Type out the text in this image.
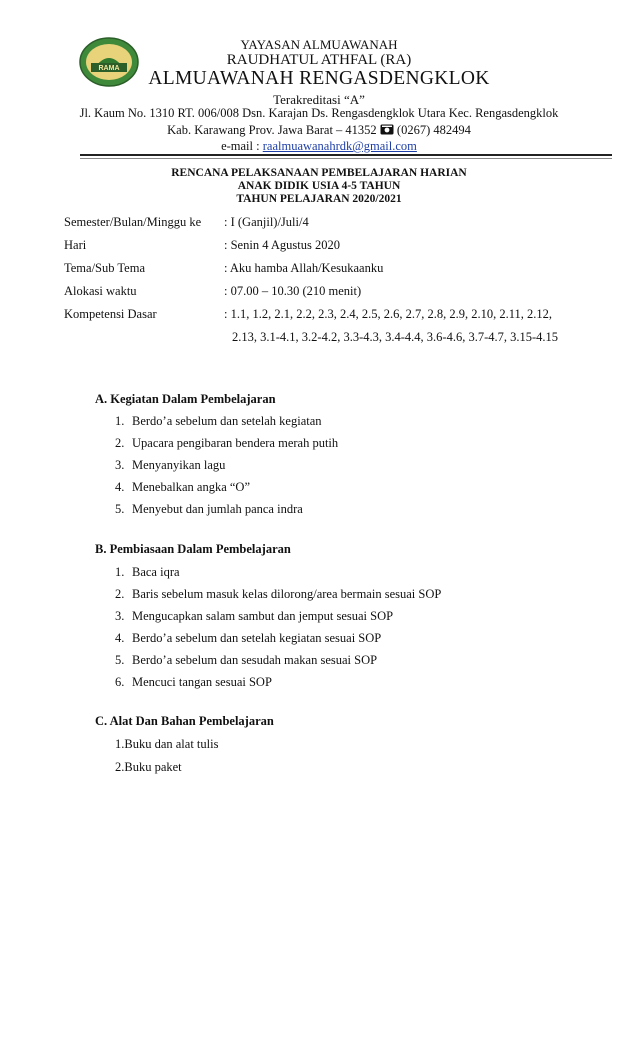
RAMA
YAYASAN ALMUAWANAH
RAUDHATUL ATHFAL (RA)
ALMUAWANAH RENGASDENGKLOK
Terakreditasi “A”
Jl. Kaum No. 1310 RT. 006/008 Dsn. Karajan Ds. Rengasdengklok Utara Kec. Rengasdengklok
Kab. Karawang Prov. Jawa Barat – 41352 (0267) 482494
e-mail : raalmuawanahrdk@gmail.com
RENCANA PELAKSANAAN PEMBELAJARAN HARIAN
ANAK DIDIK USIA 4-5 TAHUN
TAHUN PELAJARAN 2020/2021
Semester/Bulan/Minggu ke : I (Ganjil)/Juli/4
Hari	: Senin 4 Agustus 2020
Tema/Sub Tema	: Aku hamba Allah/Kesukaanku
Alokasi waktu	: 07.00 – 10.30 (210 menit)
Kompetensi Dasar	: 1.1, 1.2, 2.1, 2.2, 2.3, 2.4, 2.5, 2.6, 2.7, 2.8, 2.9, 2.10, 2.11, 2.12,
2.13, 3.1-4.1, 3.2-4.2, 3.3-4.3, 3.4-4.4, 3.6-4.6, 3.7-4.7, 3.15-4.15
A. Kegiatan Dalam Pembelajaran
1. Berdo’a sebelum dan setelah kegiatan
2. Upacara pengibaran bendera merah putih
3. Menyanyikan lagu
4. Menebalkan angka “O”
5. Menyebut dan jumlah panca indra
B. Pembiasaan Dalam Pembelajaran
1. Baca iqra
2. Baris sebelum masuk kelas dilorong/area bermain sesuai SOP
3. Mengucapkan salam sambut dan jemput sesuai SOP
4. Berdo’a sebelum dan setelah kegiatan sesuai SOP
5. Berdo’a sebelum dan sesudah makan sesuai SOP
6. Mencuci tangan sesuai SOP
C. Alat Dan Bahan Pembelajaran
1.Buku dan alat tulis
2.Buku paket
